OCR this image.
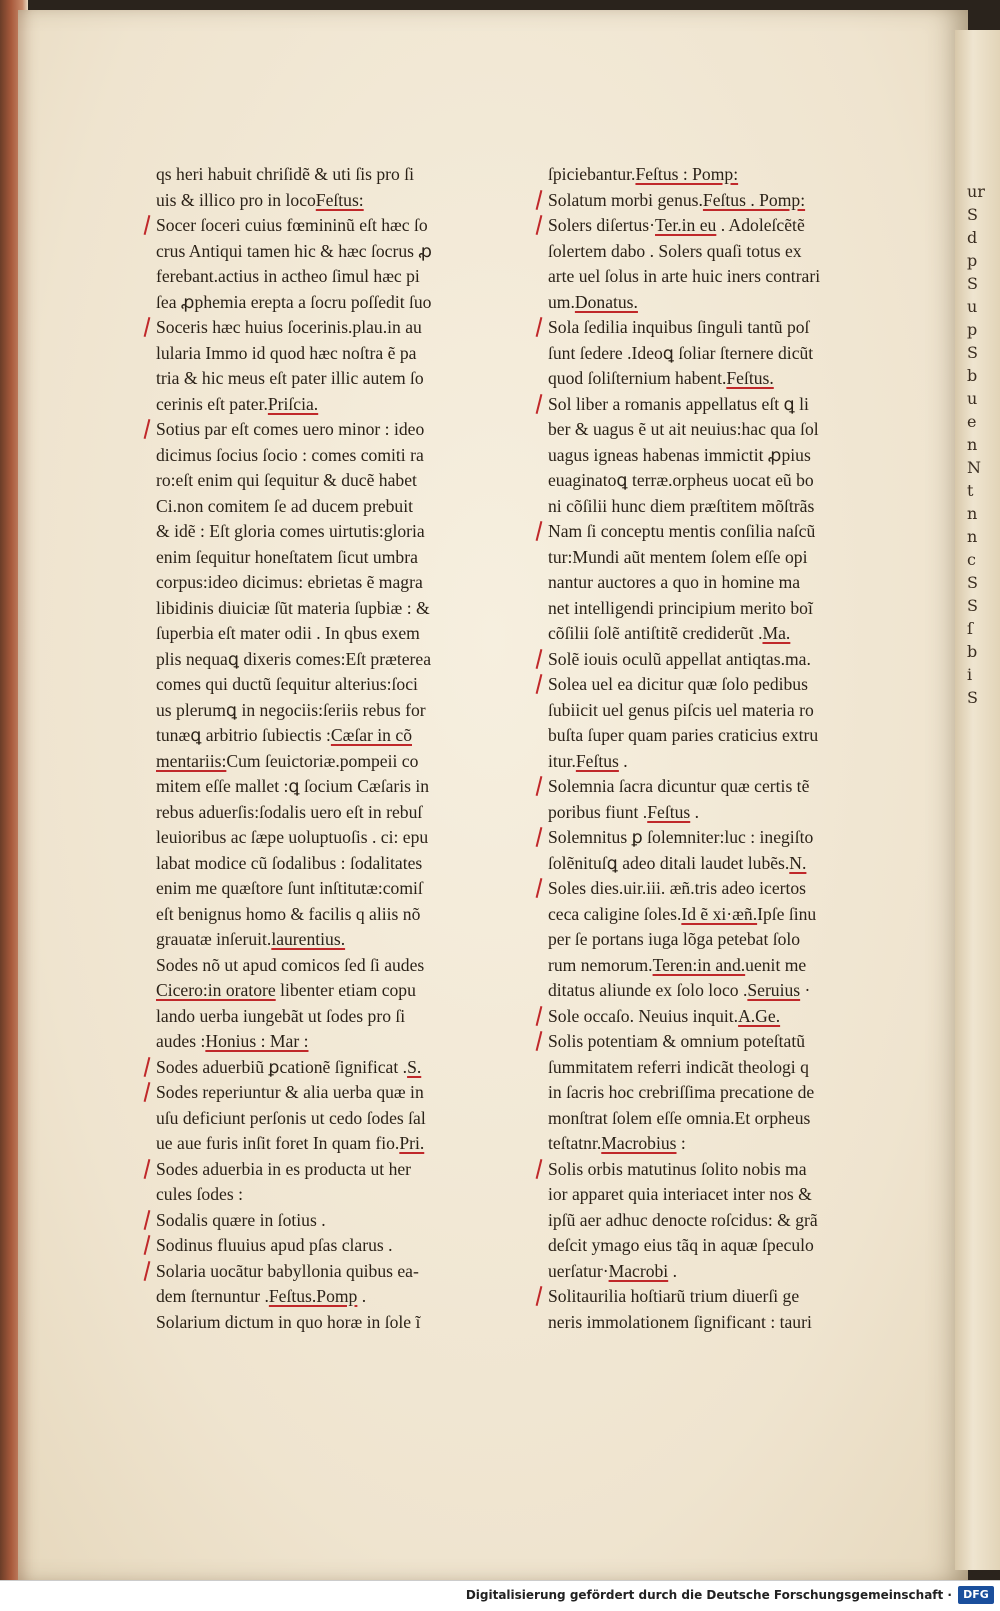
qs heri habuit chriſidẽ & uti ſis pro ſi
uis & illico pro in locoFeſtus:
Socer ſoceri cuius fœmininũ eſt hæc ſo
crus Antiqui tamen hic & hæc ſocrus ꝓ
ferebant.actius in actheo ſimul hæc pi
ſea ꝓphemia erepta a ſocru poſſedit ſuo
Soceris hæc huius ſocerinis.plau.in au
lularia Immo id quod hæc noſtra ẽ pa
tria & hic meus eſt pater illic autem ſo
cerinis eſt pater.Priſcia.
Sotius par eſt comes uero minor : ideo
dicimus ſocius ſocio : comes comiti ra
ro:eſt enim qui ſequitur & ducẽ habet
Ci.non comitem ſe ad ducem prebuit
& idẽ : Eſt gloria comes uirtutis:gloria
enim ſequitur honeſtatem ſicut umbra
corpus:ideo dicimus: ebrietas ẽ magra
libidinis diuiciæ ſũt materia ſupbiæ : &
ſuperbia eſt mater odii . In qbus exem
plis nequaꝗ dixeris comes:Eſt præterea
comes qui ductũ ſequitur alterius:ſoci
us plerumꝗ in negociis:ſeriis rebus for
tunæꝗ arbitrio ſubiectis :Cæſar in cõ
mentariis:Cum ſeuictoriæ.pompeii co
mitem eſſe mallet :ꝗ ſocium Cæſaris in
rebus aduerſis:ſodalis uero eſt in rebuſ
leuioribus ac ſæpe uoluptuoſis . ci: epu
labat modice cũ ſodalibus : ſodalitates
enim me quæſtore ſunt inſtitutæ:comiſ
eſt benignus homo & facilis q aliis nõ
grauatæ inſeruit.laurentius.
Sodes nõ ut apud comicos ſed ſi audes
Cicero:in oratore libenter etiam copu
lando uerba iungebãt ut ſodes pro ſi
audes :Honius : Mar :
Sodes aduerbiũ ꝑcationẽ ſignificat .S.
Sodes reperiuntur & alia uerba quæ in
uſu deficiunt perſonis ut cedo ſodes ſal
ue aue furis inſit foret In quam fio.Pri.
Sodes aduerbia in es producta ut her
cules ſodes :
Sodalis quære in ſotius .
Sodinus fluuius apud pſas clarus .
Solaria uocãtur babyllonia quibus ea-
dem ſternuntur .Feſtus.Pomp .
Solarium dictum in quo horæ in ſole ĩ
ſpiciebantur.Feſtus : Pomp:
Solatum morbi genus.Feſtus . Pomp:
Solers diſertus·Ter.in eu . Adoleſcẽtẽ
ſolertem dabo . Solers quaſi totus ex
arte uel ſolus in arte huic iners contrari
um.Donatus.
Sola ſedilia inquibus ſinguli tantũ poſ
ſunt ſedere .Ideoꝗ ſoliar ſternere dicũt
quod ſoliſternium habent.Feſtus.
Sol liber a romanis appellatus eſt ꝗ li
ber & uagus ẽ ut ait neuius:hac qua ſol
uagus igneas habenas immictit ꝓpius
euaginatoꝗ terræ.orpheus uocat eũ bo
ni cõſilii hunc diem præſtitem mõſtrãs
Nam ſi conceptu mentis conſilia naſcũ
tur:Mundi aũt mentem ſolem eſſe opi
nantur auctores a quo in homine ma
net intelligendi principium merito boĩ
cõſilii ſolẽ antiſtitẽ crediderũt .Ma.
Solẽ iouis oculũ appellat antiqtas.ma.
Solea uel ea dicitur quæ ſolo pedibus
ſubiicit uel genus piſcis uel materia ro
buſta ſuper quam paries craticius extru
itur.Feſtus .
Solemnia ſacra dicuntur quæ certis tẽ
poribus fiunt .Feſtus .
Solemnitus ꝑ ſolemniter:luc : inegiſto
ſolẽnituſꝗ adeo ditali laudet lubẽs.N.
Soles dies.uir.iii. æñ.tris adeo icertos
ceca caligine ſoles.Id ẽ xi·æñ.Ipſe ſinu
per ſe portans iuga lõga petebat ſolo
rum nemorum.Teren:in and.uenit me
ditatus aliunde ex ſolo loco .Seruius ·
Sole occaſo. Neuius inquit.A.Ge.
Solis potentiam & omnium poteſtatũ
ſummitatem referri indicãt theologi q
in ſacris hoc crebriſſima precatione de
monſtrat ſolem eſſe omnia.Et orpheus
teſtatnr.Macrobius :
Solis orbis matutinus ſolito nobis ma
ior apparet quia interiacet inter nos &
ipſũ aer adhuc denocte roſcidus: & grã
deſcit ymago eius tãq in aquæ ſpeculo
uerſatur·Macrobi .
Solitaurilia hoſtiarũ trium diuerſi ge
neris immolationem ſignificant : tauri
ur
S
d
p
S
u
p
S
b
u
e
n
N
t
n
n
c
S
S
ſ
b
i
S
Digitalisierung gefördert durch die Deutsche Forschungsgemeinschaft ·	DFG
